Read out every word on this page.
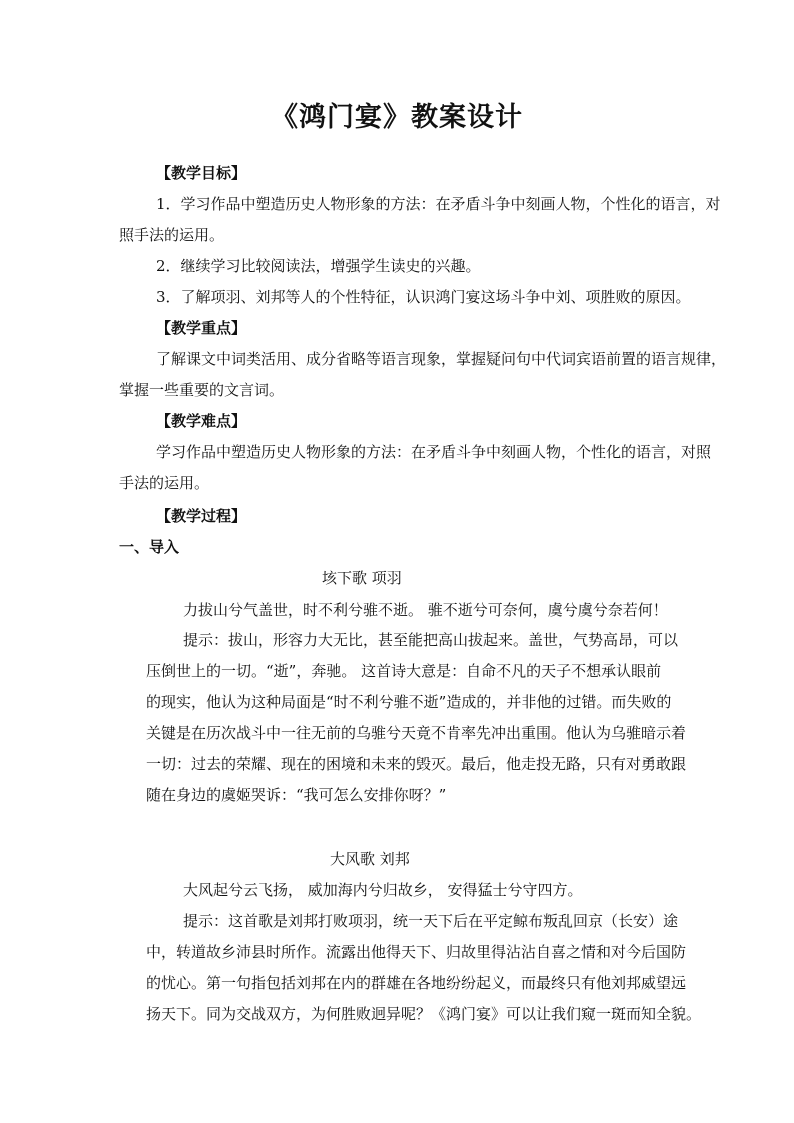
《鸿门宴》教案设计
【教学目标】
1．学习作品中塑造历史人物形象的方法：在矛盾斗争中刻画人物，个性化的语言，对
照手法的运用。
2．继续学习比较阅读法，增强学生读史的兴趣。
3．了解项羽、刘邦等人的个性特征，认识鸿门宴这场斗争中刘、项胜败的原因。
【教学重点】
了解课文中词类活用、成分省略等语言现象，掌握疑问句中代词宾语前置的语言规律，
掌握一些重要的文言词。
【教学难点】
学习作品中塑造历史人物形象的方法：在矛盾斗争中刻画人物，个性化的语言，对照
手法的运用。
【教学过程】
一、导入
垓下歌 项羽
力拔山兮气盖世，时不利兮骓不逝。 骓不逝兮可奈何，虞兮虞兮奈若何！
提示：拔山，形容力大无比，甚至能把高山拔起来。盖世，气势高昂，可以
压倒世上的一切。“逝”，奔驰。 这首诗大意是：自命不凡的天子不想承认眼前
的现实，他认为这种局面是“时不利兮骓不逝”造成的，并非他的过错。而失败的
关键是在历次战斗中一往无前的乌骓兮天竟不肯率先冲出重围。他认为乌骓暗示着
一切：过去的荣耀、现在的困境和未来的毁灭。最后，他走投无路，只有对勇敢跟
随在身边的虞姬哭诉：“我可怎么安排你呀？”
大风歌 刘邦
大风起兮云飞扬， 威加海内兮归故乡， 安得猛士兮守四方。
提示：这首歌是刘邦打败项羽，统一天下后在平定鲸布叛乱回京（长安）途
中，转道故乡沛县时所作。流露出他得天下、归故里得沾沾自喜之情和对今后国防
的忧心。第一句指包括刘邦在内的群雄在各地纷纷起义，而最终只有他刘邦威望远
扬天下。同为交战双方，为何胜败迥异呢？《鸿门宴》可以让我们窥一斑而知全貌。
